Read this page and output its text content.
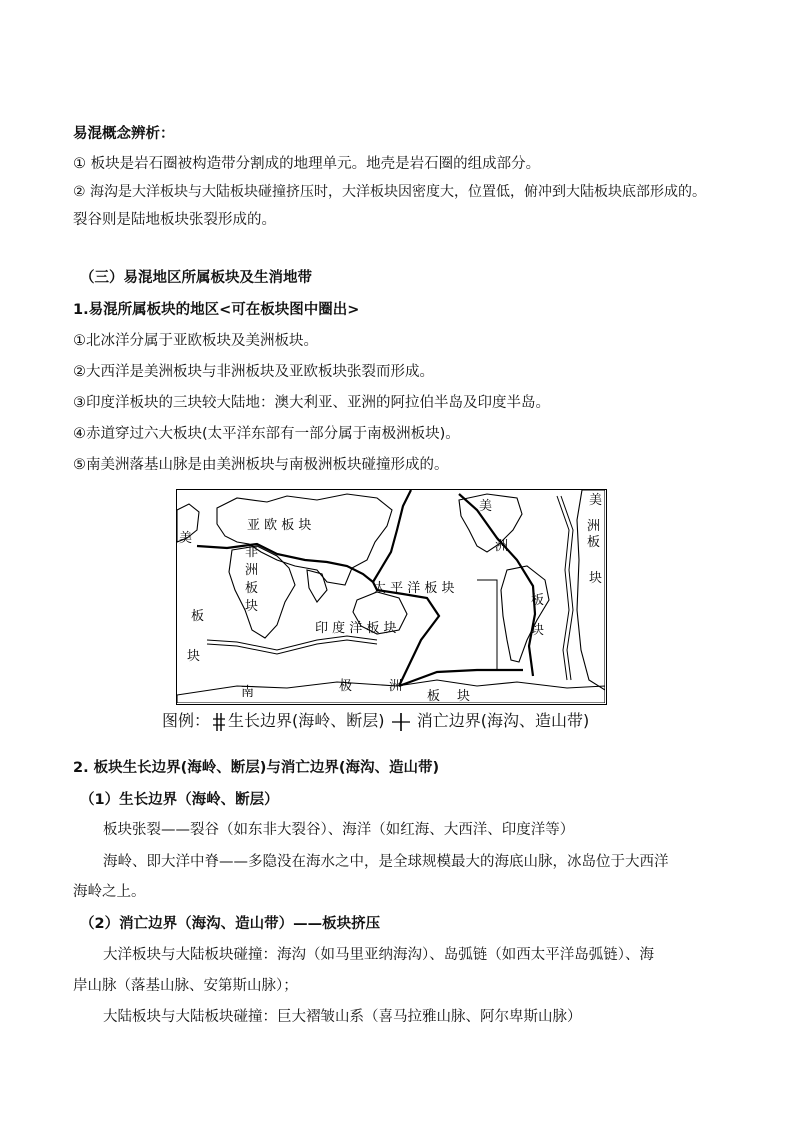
易混概念辨析：
① 板块是岩石圈被构造带分割成的地理单元。地壳是岩石圈的组成部分。
② 海沟是大洋板块与大陆板块碰撞挤压时，大洋板块因密度大，位置低，俯冲到大陆板块底部形成的。
裂谷则是陆地板块张裂形成的。
（三）易混地区所属板块及生消地带
1.易混所属板块的地区<可在板块图中圈出>
①北冰洋分属于亚欧板块及美洲板块。
②大西洋是美洲板块与非洲板块及亚欧板块张裂而形成。
③印度洋板块的三块较大陆地：澳大利亚、亚洲的阿拉伯半岛及印度半岛。
④赤道穿过六大板块(太平洋东部有一部分属于南极洲板块)。
⑤南美洲落基山脉是由美洲板块与南极洲板块碰撞形成的。
亚 欧 板 块
太 平 洋 板 块
印 度 洋 板 块
南	极	洲
板 块
美
板
块
非
洲
板
块
美
洲
板
块
美
洲
板
块
图例： 生长边界(海岭、断层) 消亡边界(海沟、造山带)
2. 板块生长边界(海岭、断层)与消亡边界(海沟、造山带)
（1）生长边界（海岭、断层）
板块张裂——裂谷（如东非大裂谷）、海洋（如红海、大西洋、印度洋等）
海岭、即大洋中脊——多隐没在海水之中，是全球规模最大的海底山脉，冰岛位于大西洋
海岭之上。
（2）消亡边界（海沟、造山带）——板块挤压
大洋板块与大陆板块碰撞：海沟（如马里亚纳海沟）、岛弧链（如西太平洋岛弧链）、海
岸山脉（落基山脉、安第斯山脉）；
大陆板块与大陆板块碰撞：巨大褶皱山系（喜马拉雅山脉、阿尔卑斯山脉）
